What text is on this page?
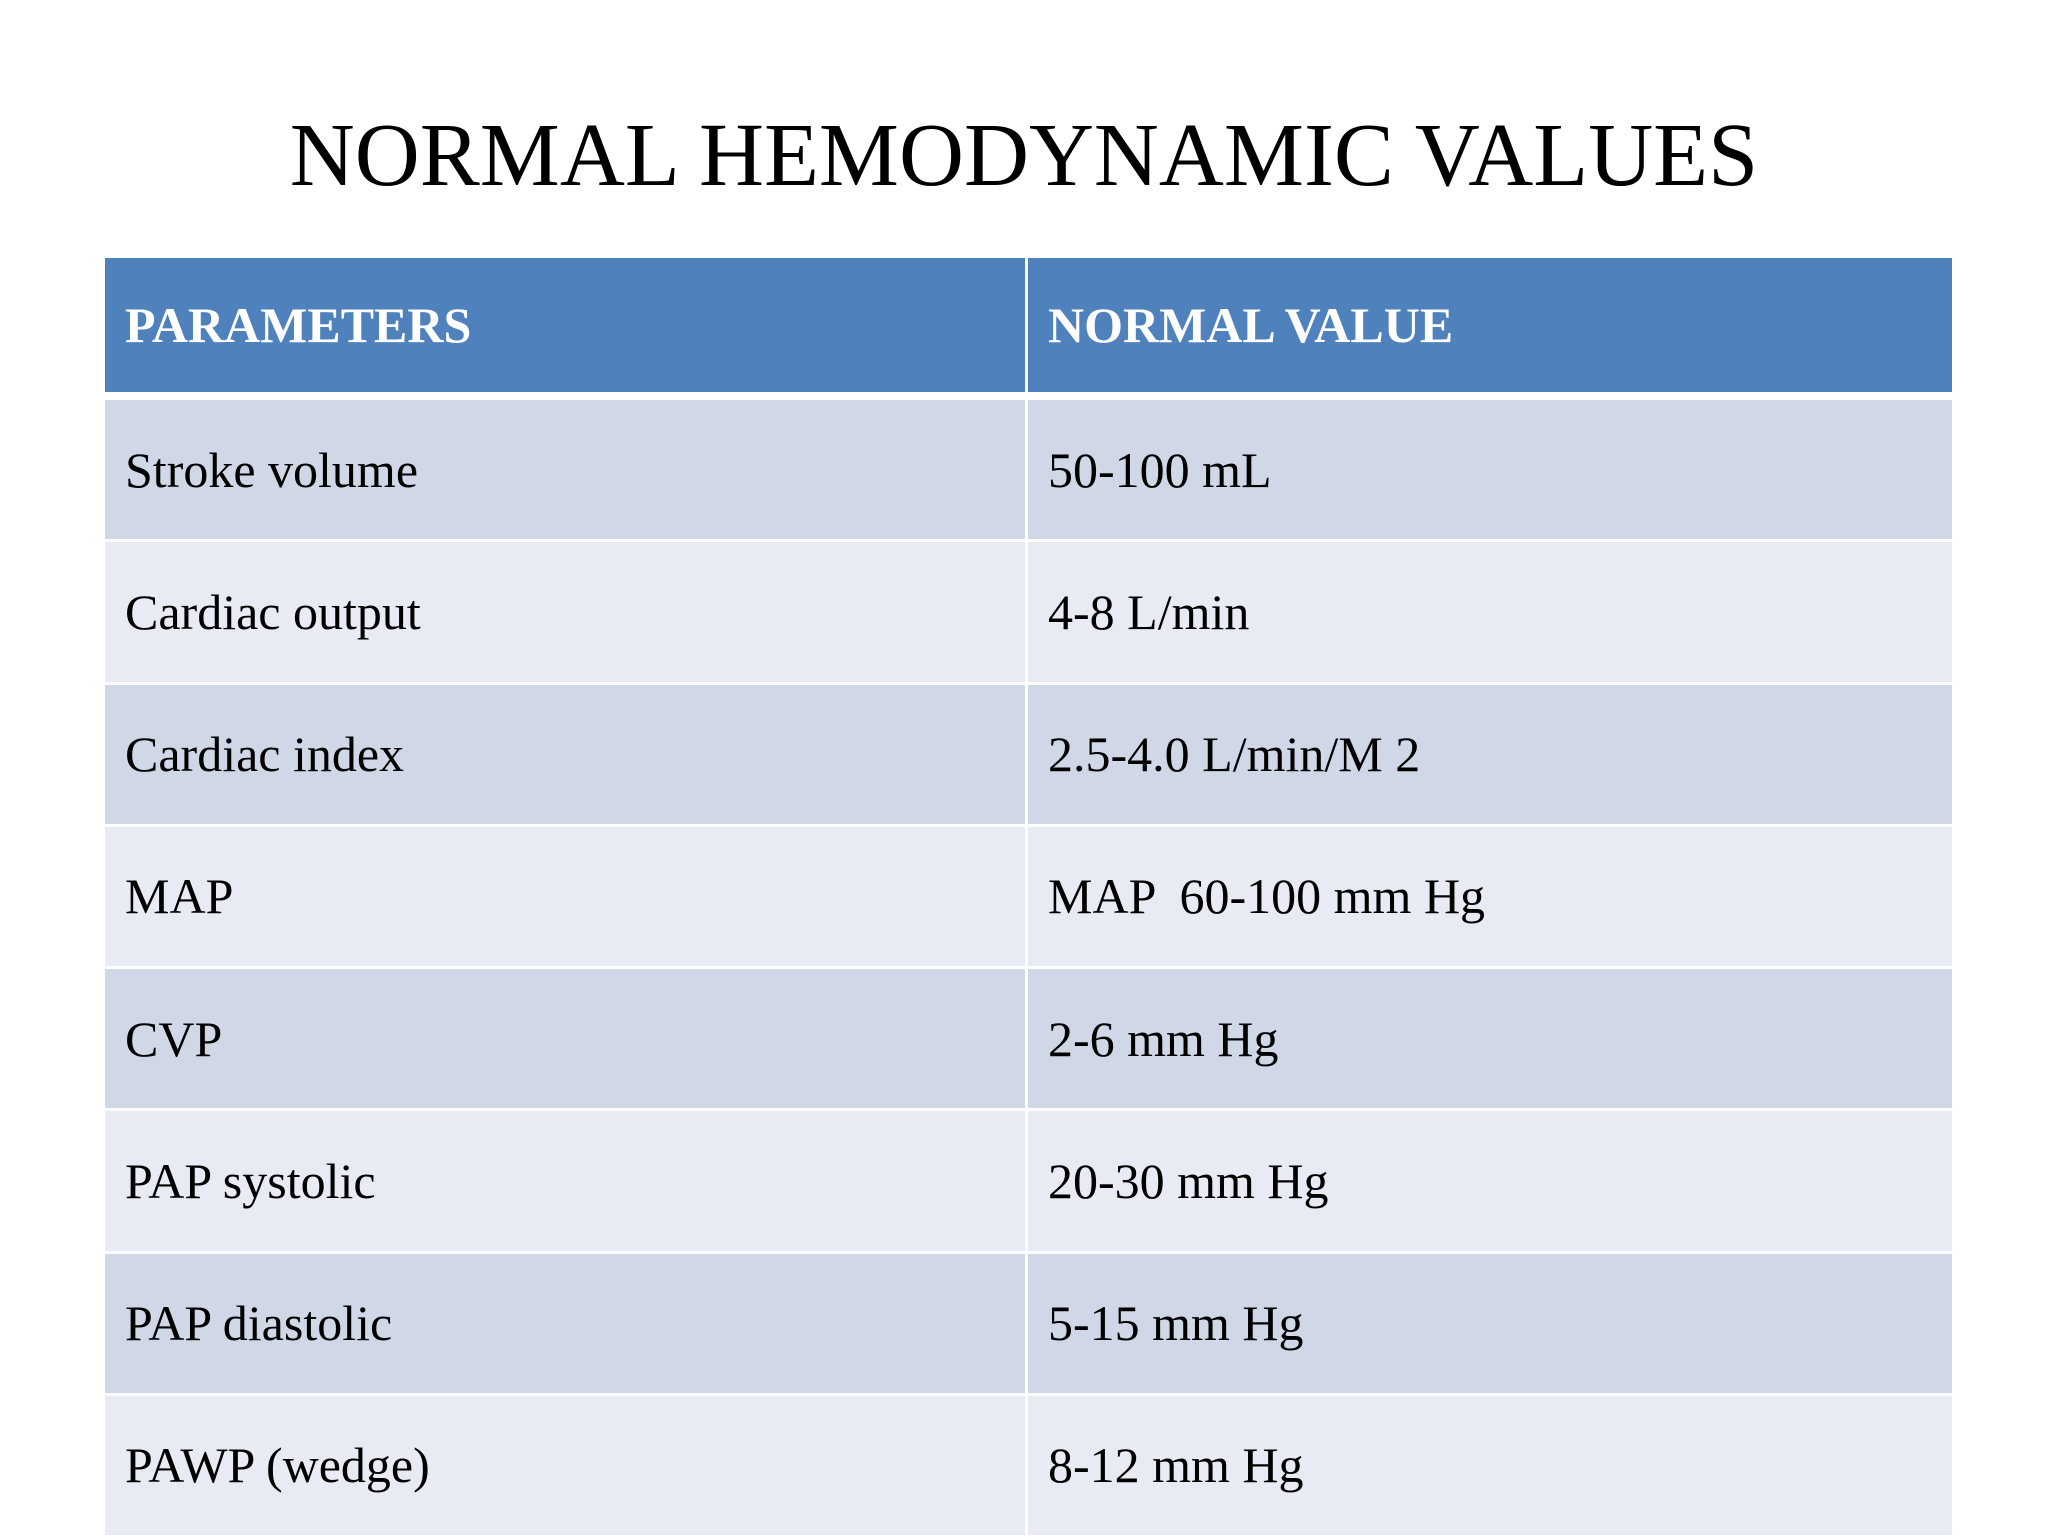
NORMAL HEMODYNAMIC VALUES
PARAMETERS	NORMAL VALUE
Stroke volume	50-100 mL
Cardiac output	4-8 L/min
Cardiac index	2.5-4.0 L/min/M 2
MAP	MAP  60-100 mm Hg
CVP	2-6 mm Hg
PAP systolic	20-30 mm Hg
PAP diastolic	5-15 mm Hg
PAWP (wedge)	8-12 mm Hg
